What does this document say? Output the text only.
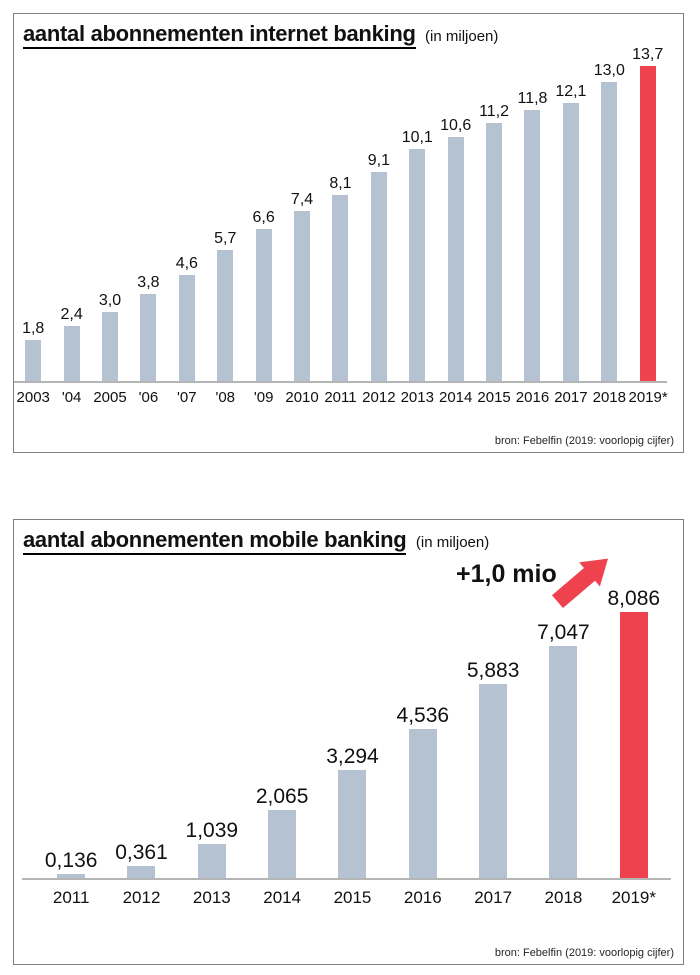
aantal abonnementen internet banking (in miljoen)
1,8
2,4
3,0
3,8
4,6
5,7
6,6
7,4
8,1
9,1
10,1
10,6
11,2
11,8 12,1
13,0
13,7
2003 '04 2005 '06	'07	'08	'09 2010 2011 2012 2013 2014 2015 2016 2017 2018 2019*
bron: Febelfin (2019: voorlopig cijfer)
aantal abonnementen mobile banking (in miljoen)
+1,0 mio
0,136 0,361
1,039
2,065
3,294
4,536
5,883
7,047
8,086
2011	2012	2013	2014	2015	2016	2017	2018	2019*
bron: Febelfin (2019: voorlopig cijfer)
